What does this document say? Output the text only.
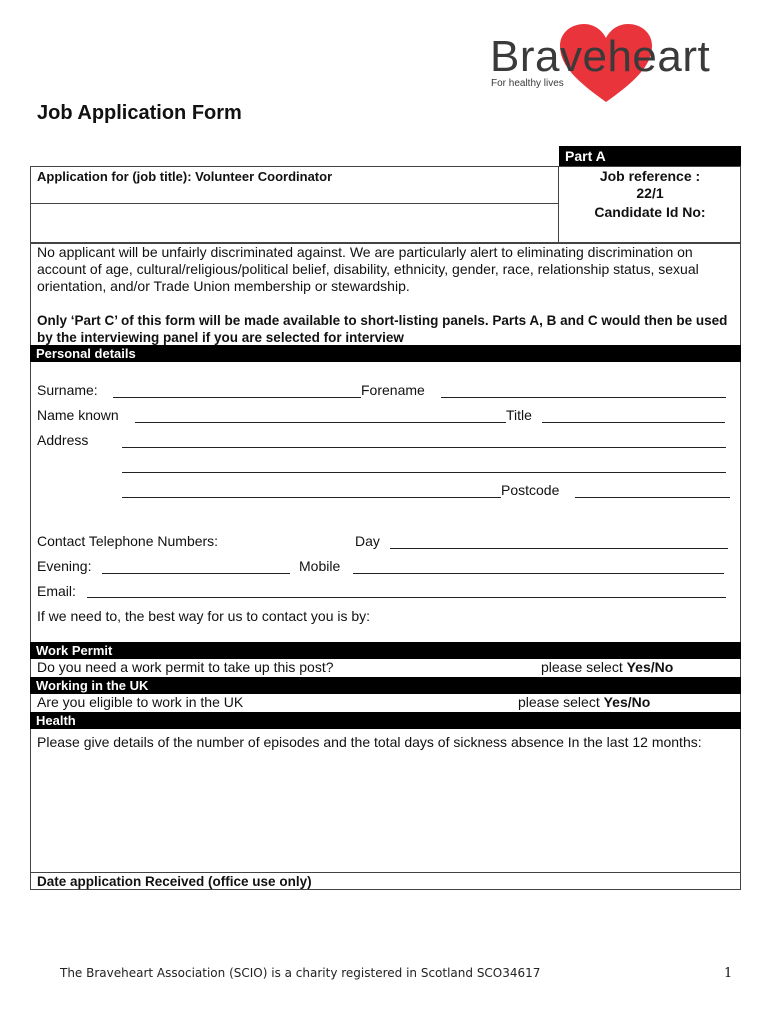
Braveheart
For healthy lives
Job Application Form
Part A
Application for (job title): Volunteer Coordinator	Job reference :
22/1
Candidate Id No:
No applicant will be unfairly discriminated against. We are particularly alert to eliminating discrimination on account of age, cultural/religious/political belief, disability, ethnicity, gender, race, relationship status, sexual orientation, and/or Trade Union membership or stewardship.
Only ‘Part C’ of this form will be made available to short-listing panels. Parts A, B and C would then be used by the interviewing panel if you are selected for interview
Personal details
Surname:	Forename
Name known	Title
Address
Postcode
Contact Telephone Numbers:	Day
Evening:	Mobile
Email:
If we need to, the best way for us to contact you is by:
Work Permit
Do you need a work permit to take up this post?	please select Yes/No
Working in the UK
Are you eligible to work in the UK	please select Yes/No
Health
Please give details of the number of episodes and the total days of sickness absence In the last 12 months:
Date application Received (office use only)
The Braveheart Association (SCIO) is a charity registered in Scotland SCO34617	1
